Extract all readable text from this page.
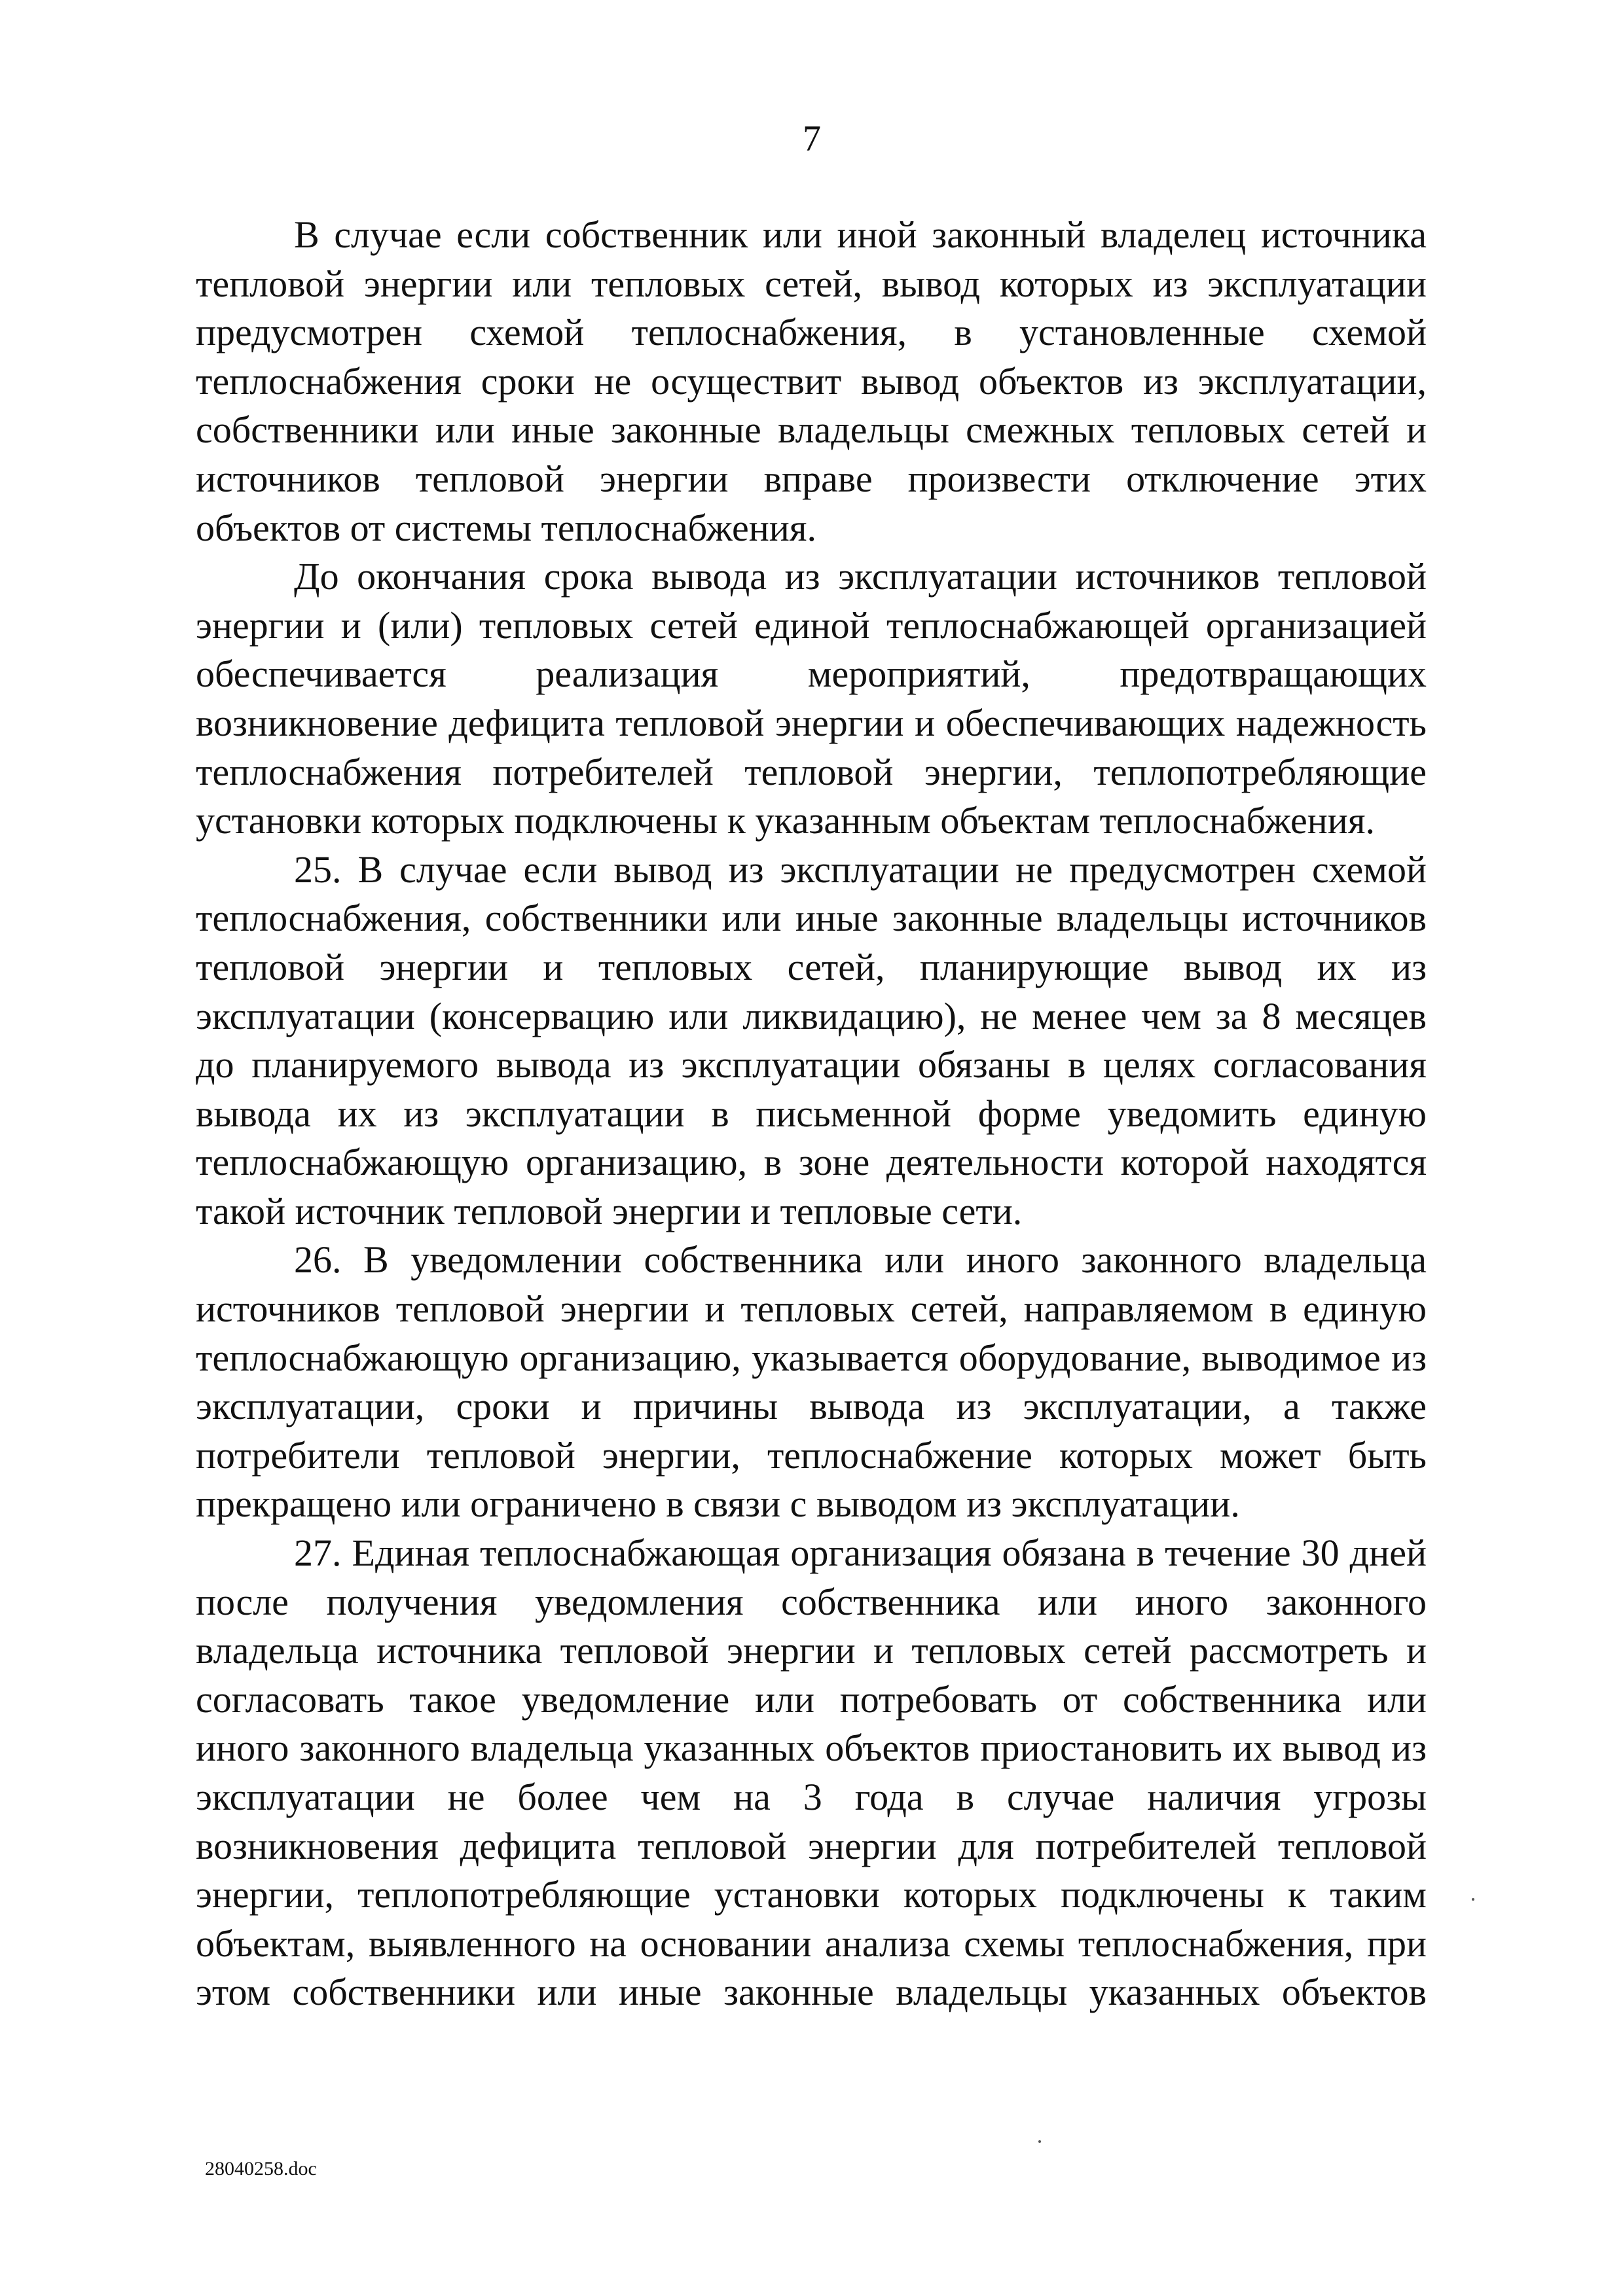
7

В случае если собственник или иной законный владелец источника
тепловой энергии или тепловых сетей, вывод которых из эксплуатации
предусмотрен схемой теплоснабжения, в установленные схемой
теплоснабжения сроки не осуществит вывод объектов из эксплуатации,
собственники или иные законные владельцы смежных тепловых сетей и
источников тепловой энергии вправе произвести отключение этих
объектов от системы теплоснабжения.

До окончания срока вывода из эксплуатации источников тепловой
энергии и (или) тепловых сетей единой теплоснабжающей организацией
обеспечивается реализация мероприятий, предотвращающих
возникновение дефицита тепловой энергии и обеспечивающих надежность
теплоснабжения потребителей тепловой энергии, теплопотребляющие
установки которых подключены к указанным объектам теплоснабжения.

25. В случае если вывод из эксплуатации не предусмотрен схемой
теплоснабжения, собственники или иные законные владельцы источников
тепловой энергии и тепловых сетей, планирующие вывод их из
эксплуатации (консервацию или ликвидацию), не менее чем за 8 месяцев
до планируемого вывода из эксплуатации обязаны в целях согласования
вывода их из эксплуатации в письменной форме уведомить единую
теплоснабжающую организацию, в зоне деятельности которой находятся
такой источник тепловой энергии и тепловые сети.

26. В уведомлении собственника или иного законного владельца
источников тепловой энергии и тепловых сетей, направляемом в единую
теплоснабжающую организацию, указывается оборудование, выводимое из
эксплуатации, сроки и причины вывода из эксплуатации, а также
потребители тепловой энергии, теплоснабжение которых может быть
прекращено или ограничено в связи с выводом из эксплуатации.

27. Единая теплоснабжающая организация обязана в течение 30 дней
после получения уведомления собственника или иного законного
владельца источника тепловой энергии и тепловых сетей рассмотреть и
согласовать такое уведомление или потребовать от собственника или
иного законного владельца указанных объектов приостановить их вывод из
эксплуатации не более чем на 3 года в случае наличия угрозы
возникновения дефицита тепловой энергии для потребителей тепловой
энергии, теплопотребляющие установки которых подключены к таким
объектам, выявленного на основании анализа схемы теплоснабжения, при
этом собственники или иные законные владельцы указанных объектов

28040258.doc
